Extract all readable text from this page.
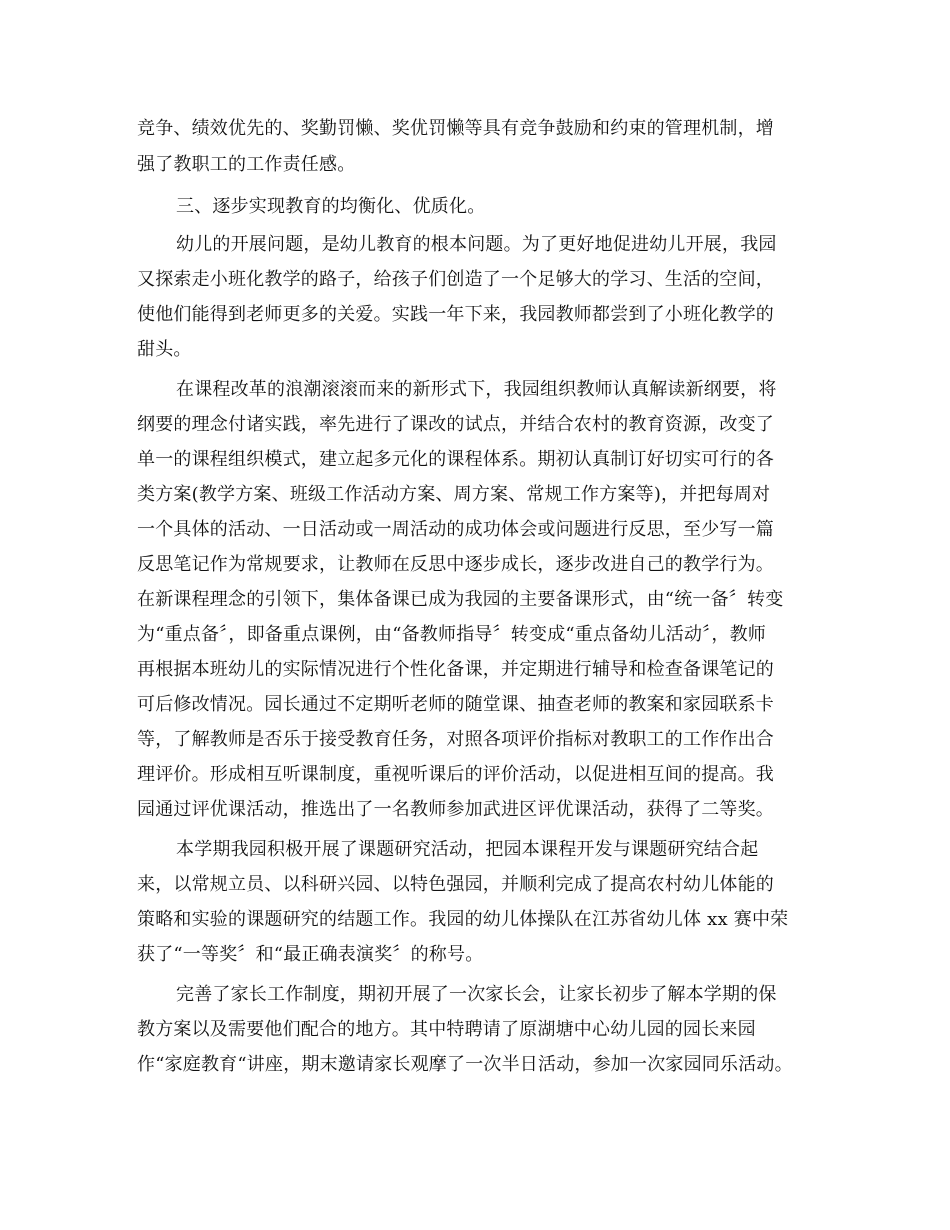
竞争、绩效优先的、奖勤罚懒、奖优罚懒等具有竞争鼓励和约束的管理机制，增
强了教职工的工作责任感。
三、逐步实现教育的均衡化、优质化。
幼儿的开展问题，是幼儿教育的根本问题。为了更好地促进幼儿开展，我园
又探索走小班化教学的路子，给孩子们创造了一个足够大的学习、生活的空间，
使他们能得到老师更多的关爱。实践一年下来，我园教师都尝到了小班化教学的
甜头。
在课程改革的浪潮滚滚而来的新形式下，我园组织教师认真解读新纲要，将
纲要的理念付诸实践，率先进行了课改的试点，并结合农村的教育资源，改变了
单一的课程组织模式，建立起多元化的课程体系。期初认真制订好切实可行的各
类方案(教学方案、班级工作活动方案、周方案、常规工作方案等)，并把每周对
一个具体的活动、一日活动或一周活动的成功体会或问题进行反思，至少写一篇
反思笔记作为常规要求，让教师在反思中逐步成长，逐步改进自己的教学行为。
在新课程理念的引领下，集体备课已成为我园的主要备课形式，由“统一备〞转变
为“重点备〞，即备重点课例，由“备教师指导〞转变成“重点备幼儿活动〞，教师
再根据本班幼儿的实际情况进行个性化备课，并定期进行辅导和检查备课笔记的
可后修改情况。园长通过不定期听老师的随堂课、抽查老师的教案和家园联系卡
等，了解教师是否乐于接受教育任务，对照各项评价指标对教职工的工作作出合
理评价。形成相互听课制度，重视听课后的评价活动，以促进相互间的提高。我
园通过评优课活动，推选出了一名教师参加武进区评优课活动，获得了二等奖。
本学期我园积极开展了课题研究活动，把园本课程开发与课题研究结合起
来，以常规立员、以科研兴园、以特色强园，并顺利完成了提高农村幼儿体能的
策略和实验的课题研究的结题工作。我园的幼儿体操队在江苏省幼儿体 xx 赛中荣
获了“一等奖〞和“最正确表演奖〞的称号。
完善了家长工作制度，期初开展了一次家长会，让家长初步了解本学期的保
教方案以及需要他们配合的地方。其中特聘请了原湖塘中心幼儿园的园长来园
作“家庭教育“讲座，期末邀请家长观摩了一次半日活动，参加一次家园同乐活动。
